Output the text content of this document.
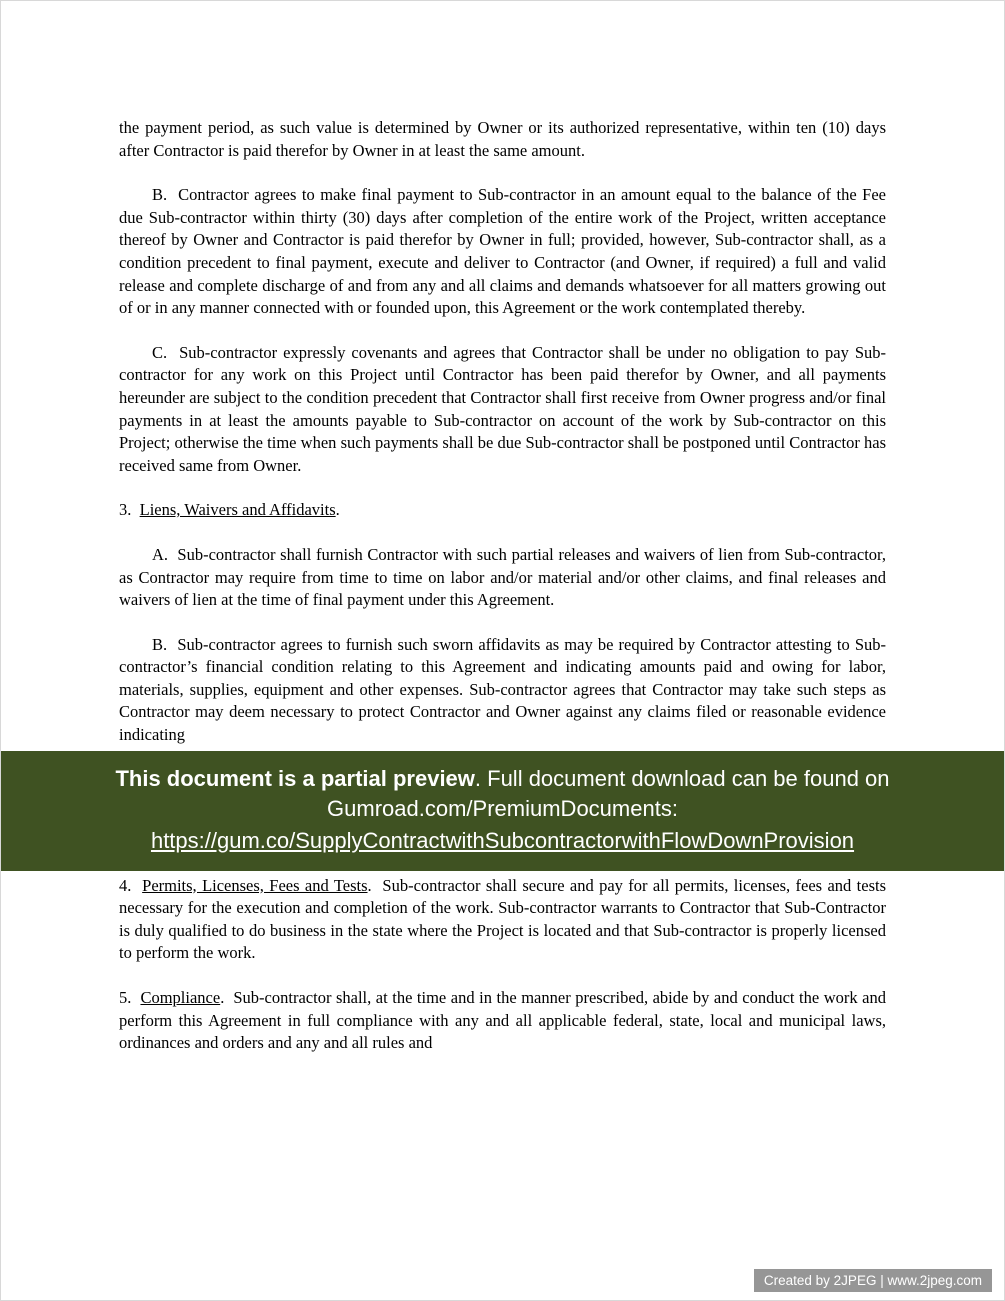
the payment period, as such value is determined by Owner or its authorized representative, within ten (10) days after Contractor is paid therefor by Owner in at least the same amount.

B.  Contractor agrees to make final payment to Sub-contractor in an amount equal to the balance of the Fee due Sub-contractor within thirty (30) days after completion of the entire work of the Project, written acceptance thereof by Owner and Contractor is paid therefor by Owner in full; provided, however, Sub-contractor shall, as a condition precedent to final payment, execute and deliver to Contractor (and Owner, if required) a full and valid release and complete discharge of and from any and all claims and demands whatsoever for all matters growing out of or in any manner connected with or founded upon, this Agreement or the work contemplated thereby.

C.  Sub-contractor expressly covenants and agrees that Contractor shall be under no obligation to pay Sub-contractor for any work on this Project until Contractor has been paid therefor by Owner, and all payments hereunder are subject to the condition precedent that Contractor shall first receive from Owner progress and/or final payments in at least the amounts payable to Sub-contractor on account of the work by Sub-contractor on this Project; otherwise the time when such payments shall be due Sub-contractor shall be postponed until Contractor has received same from Owner.

3.  Liens, Waivers and Affidavits.

A.  Sub-contractor shall furnish Contractor with such partial releases and waivers of lien from Sub-contractor, as Contractor may require from time to time on labor and/or material and/or other claims, and final releases and waivers of lien at the time of final payment under this Agreement.

B.  Sub-contractor agrees to furnish such sworn affidavits as may be required by Contractor attesting to Sub-contractor’s financial condition relating to this Agreement and indicating amounts paid and owing for labor, materials, supplies, equipment and other expenses. Sub-contractor agrees that Contractor may take such steps as Contractor may deem necessary to protect Contractor and Owner against any claims filed or reasonable evidence indicating

This document is a partial preview. Full document download can be found on Gumroad.com/PremiumDocuments:
https://gum.co/SupplyContractwithSubcontractorwithFlowDownProvision

4.  Permits, Licenses, Fees and Tests.  Sub-contractor shall secure and pay for all permits, licenses, fees and tests necessary for the execution and completion of the work. Sub-contractor warrants to Contractor that Sub-Contractor is duly qualified to do business in the state where the Project is located and that Sub-contractor is properly licensed to perform the work.

5.  Compliance.  Sub-contractor shall, at the time and in the manner prescribed, abide by and conduct the work and perform this Agreement in full compliance with any and all applicable federal, state, local and municipal laws, ordinances and orders and any and all rules and

Created by 2JPEG | www.2jpeg.com
